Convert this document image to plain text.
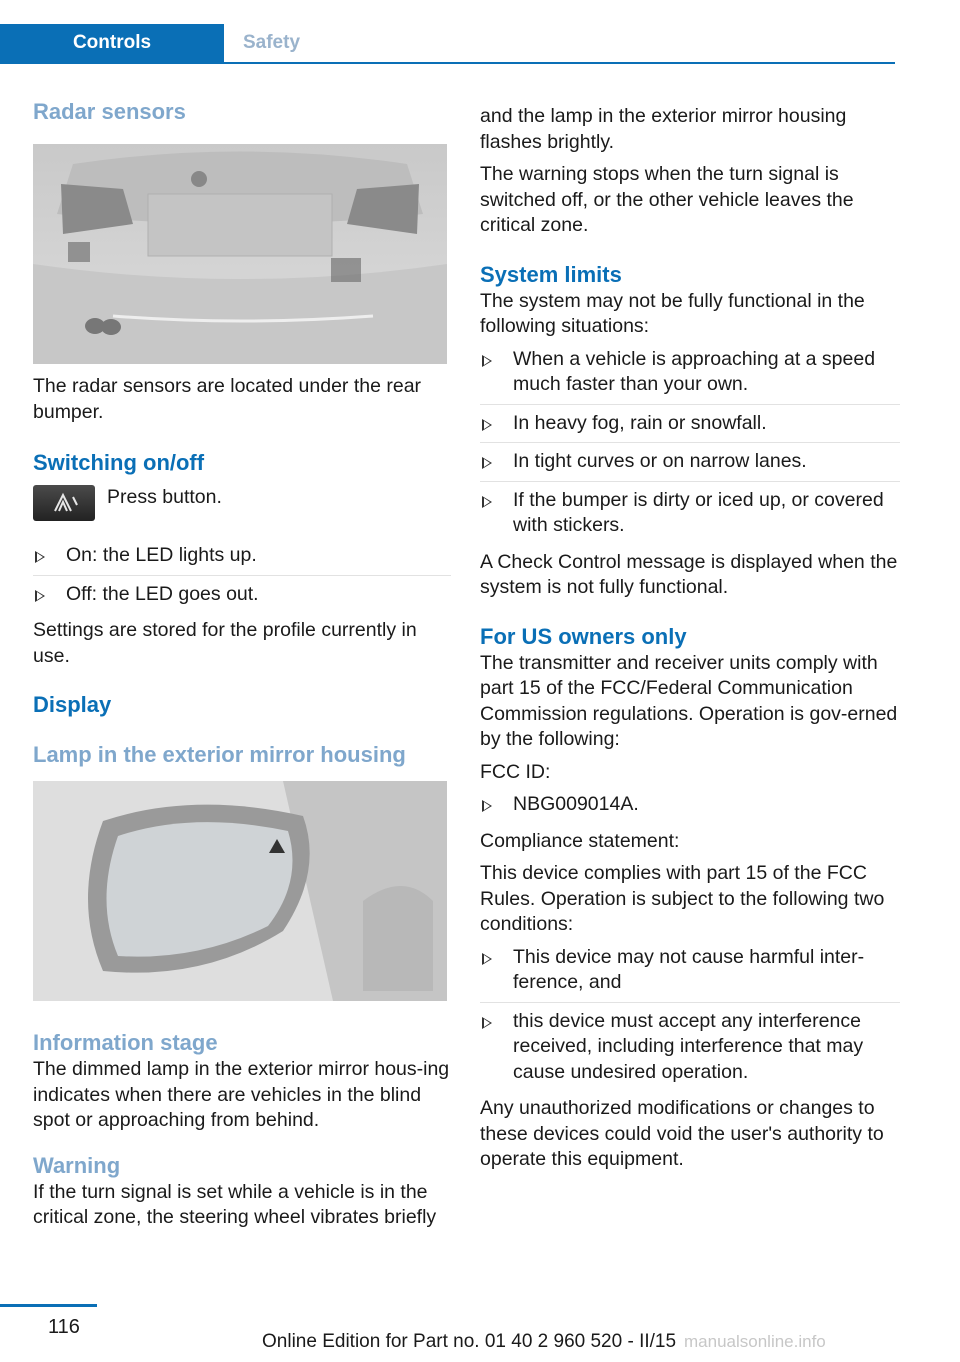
Controls	Safety
Radar sensors

The radar sensors are located under the rear bumper.

Switching on/off
Press button.
On: the LED lights up.
Off: the LED goes out.

Settings are stored for the profile currently in use.

Display
Lamp in the exterior mirror housing
Information stage

The dimmed lamp in the exterior mirror hous-ing indicates when there are vehicles in the blind spot or approaching from behind.

Warning

If the turn signal is set while a vehicle is in the critical zone, the steering wheel vibrates briefly

and the lamp in the exterior mirror housing flashes brightly.

The warning stops when the turn signal is switched off, or the other vehicle leaves the critical zone.

System limits

The system may not be fully functional in the following situations:

When a vehicle is approaching at a speed much faster than your own.
In heavy fog, rain or snowfall.
In tight curves or on narrow lanes.
If the bumper is dirty or iced up, or covered with stickers.

A Check Control message is displayed when the system is not fully functional.

For US owners only

The transmitter and receiver units comply with part 15 of the FCC/Federal Communication Commission regulations. Operation is gov-erned by the following:

FCC ID:

NBG009014A.

Compliance statement:

This device complies with part 15 of the FCC Rules. Operation is subject to the following two conditions:

This device may not cause harmful inter-ference, and
this device must accept any interference received, including interference that may cause undesired operation.

Any unauthorized modifications or changes to these devices could void the user's authority to operate this equipment.

116
Online Edition for Part no. 01 40 2 960 520 - II/15 manualsonline.info
